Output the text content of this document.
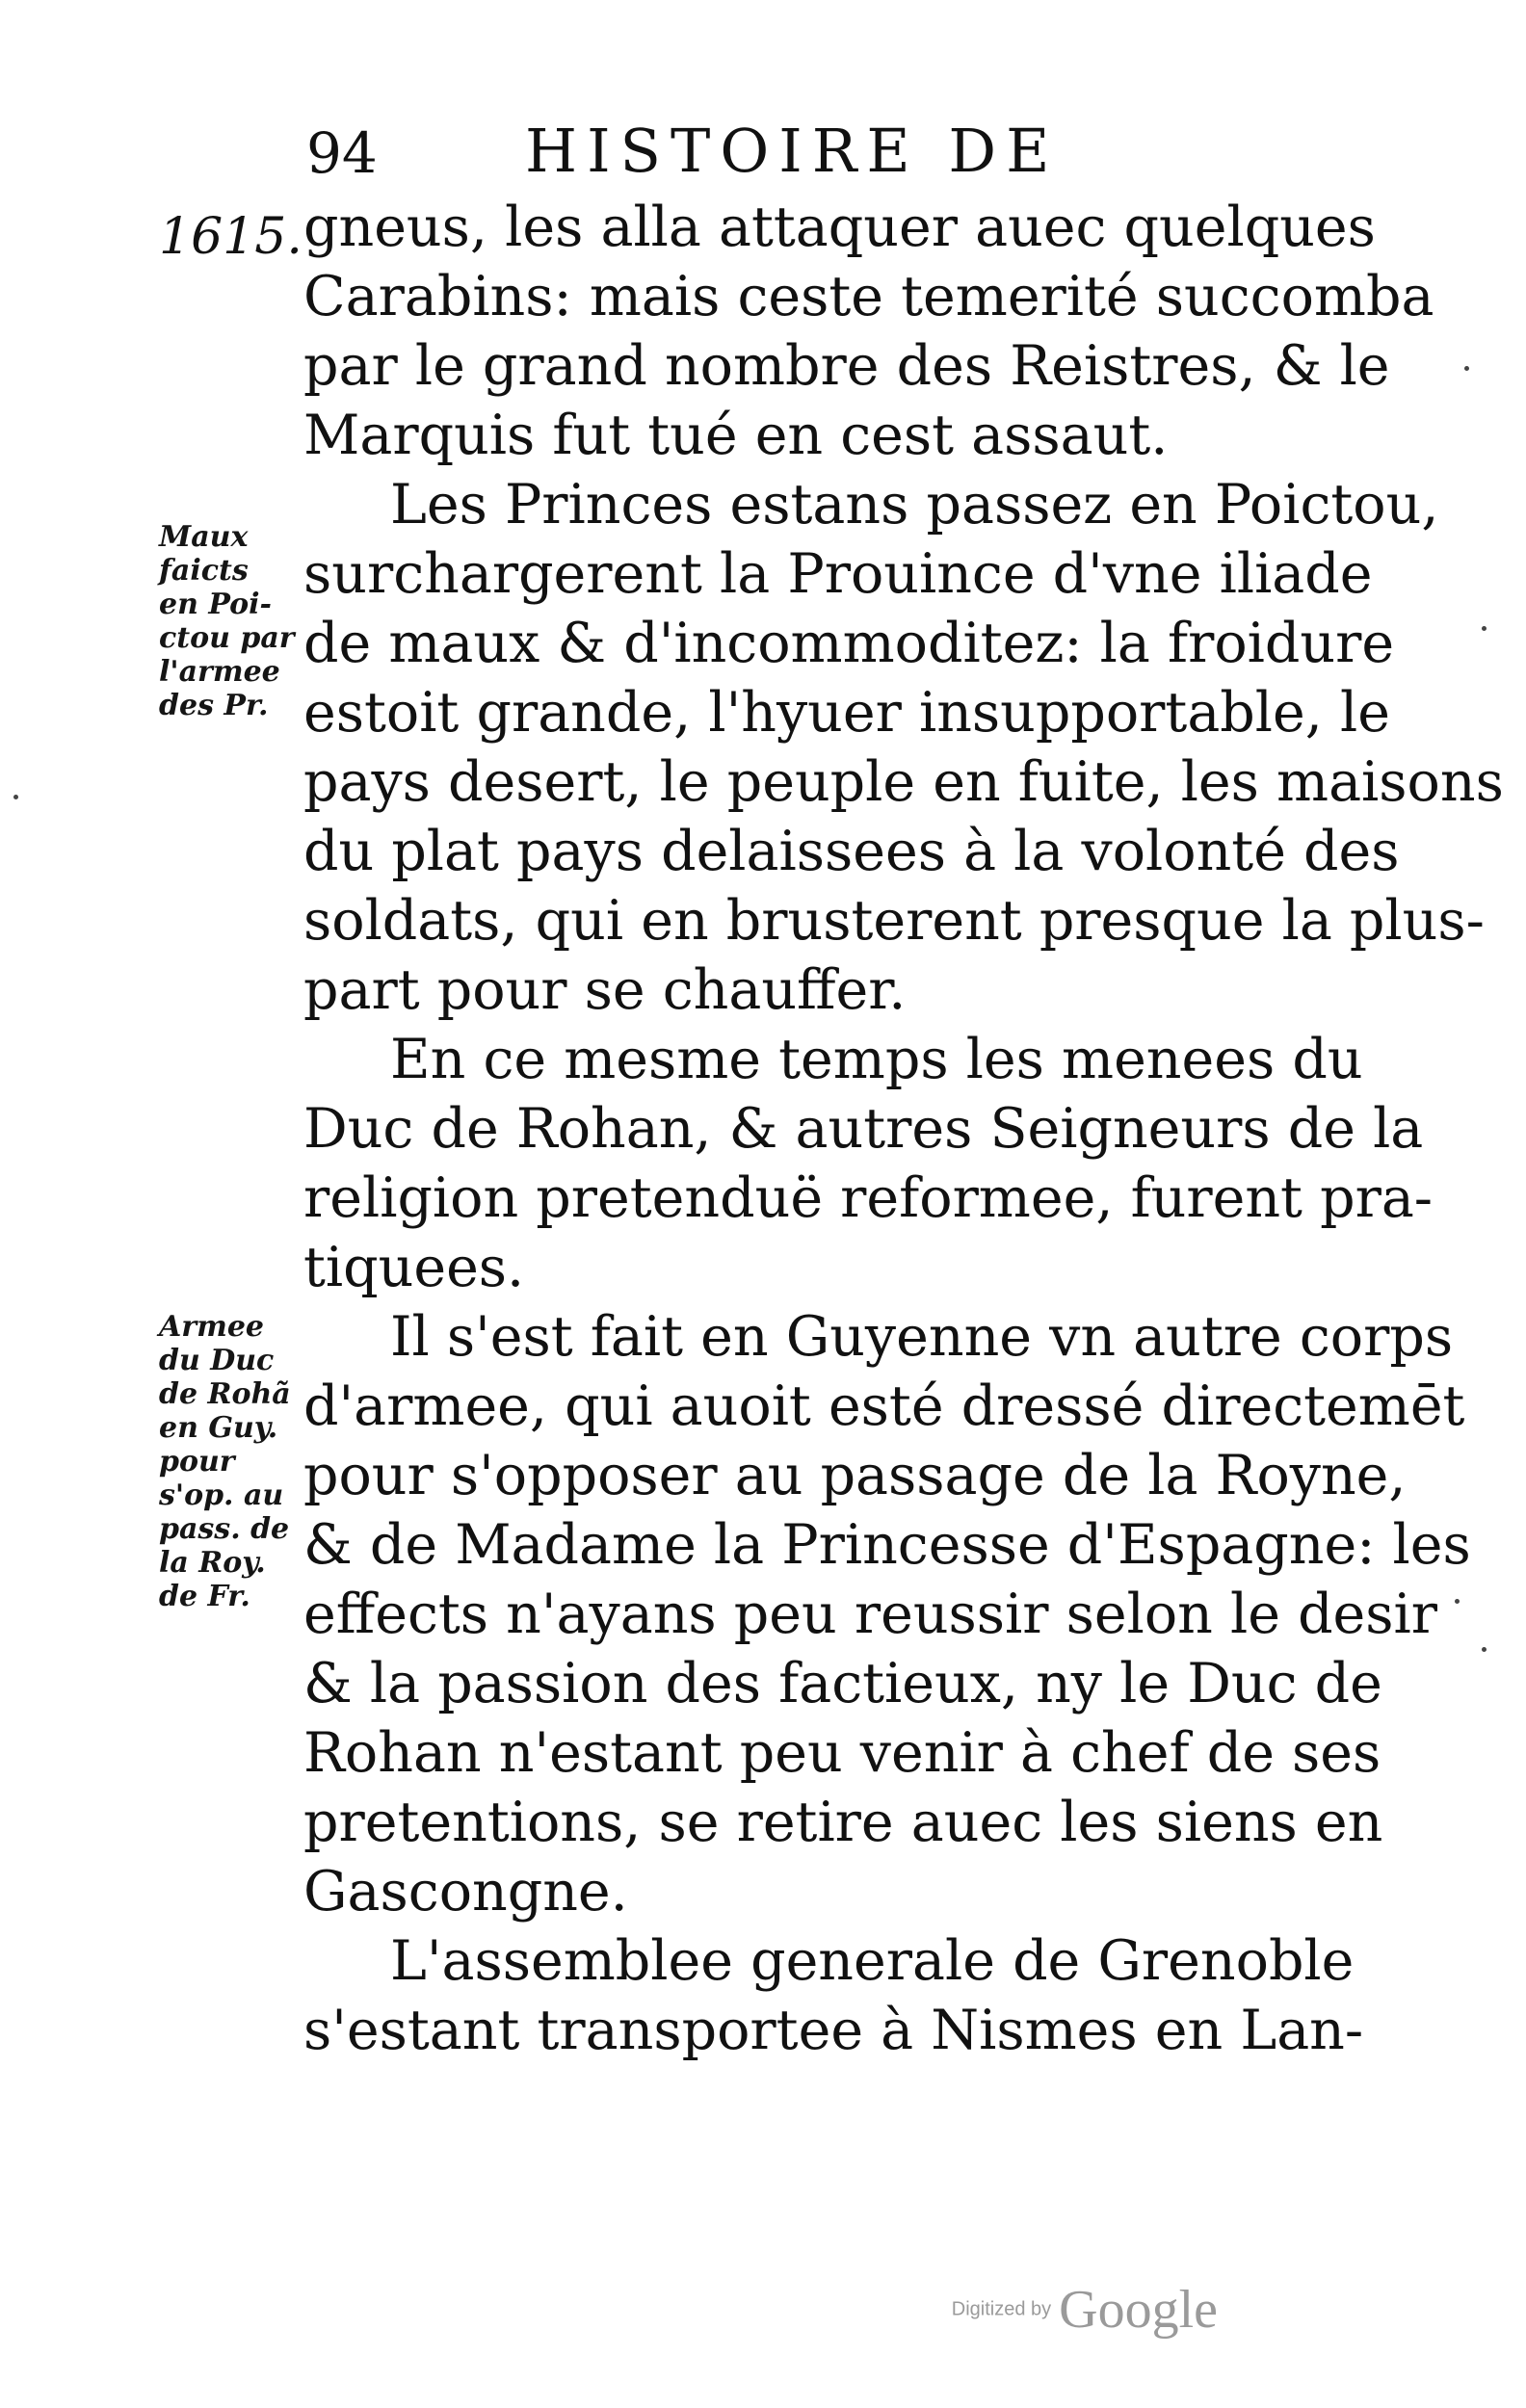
94 HISTOIRE DE
1615.
Maux
faicts
en Poi-
ctou par
l'armee
des Pr.
Armee
du Duc
de Rohã
en Guy.
pour
s'op. au
pass. de
la Roy.
de Fr.
gneus, les alla attaquer auec quelques
Carabins: mais ceste temerité succomba
par le grand nombre des Reistres, & le
Marquis fut tué en cest assaut.
Les Princes estans passez en Poictou,
surchargerent la Prouince d'vne iliade
de maux & d'incommoditez: la froidure
estoit grande, l'hyuer insupportable, le
pays desert, le peuple en fuite, les maisons
du plat pays delaissees à la volonté des
soldats, qui en brusterent presque la plus-
part pour se chauffer.
En ce mesme temps les menees du
Duc de Rohan, & autres Seigneurs de la
religion pretenduë reformee, furent pra-
tiquees.
Il s'est fait en Guyenne vn autre corps
d'armee, qui auoit esté dressé directemēt
pour s'opposer au passage de la Royne,
& de Madame la Princesse d'Espagne: les
effects n'ayans peu reussir selon le desir
& la passion des factieux, ny le Duc de
Rohan n'estant peu venir à chef de ses
pretentions, se retire auec les siens en
Gascongne.
L'assemblee generale de Grenoble
s'estant transportee à Nismes en Lan-
Digitized by Google
